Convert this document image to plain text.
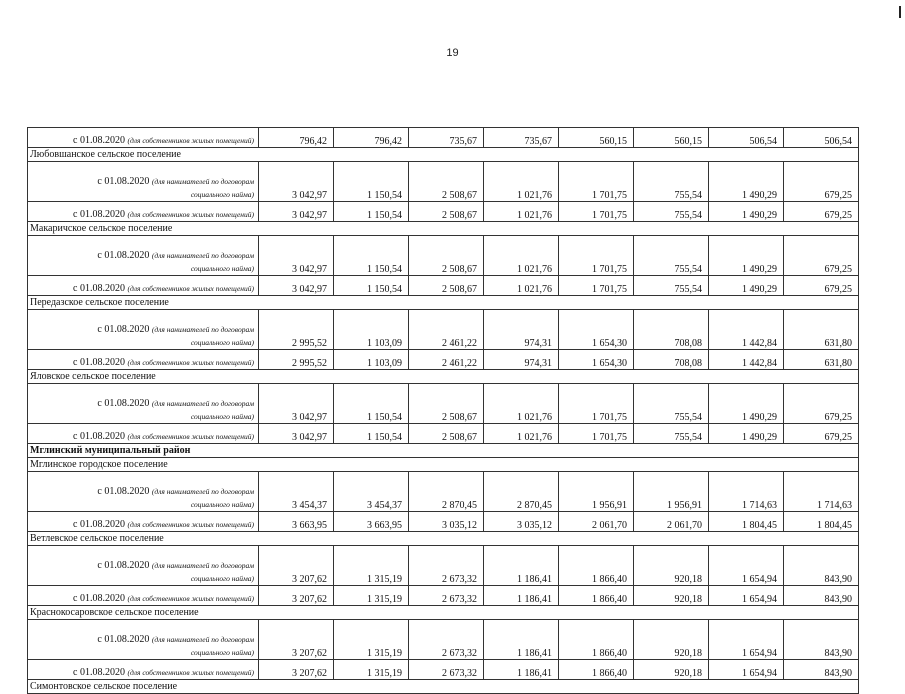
19
с 01.08.2020 (для собственников жилых помещений)	796,42	796,42	735,67	735,67	560,15	560,15	506,54	506,54
Любовшанское сельское поселение								
с 01.08.2020 (для нанимателей по договорам
социального найма)	3 042,97	1 150,54	2 508,67	1 021,76	1 701,75	755,54	1 490,29	679,25
с 01.08.2020 (для собственников жилых помещений)	3 042,97	1 150,54	2 508,67	1 021,76	1 701,75	755,54	1 490,29	679,25
Макаричское сельское поселение								
с 01.08.2020 (для нанимателей по договорам
социального найма)	3 042,97	1 150,54	2 508,67	1 021,76	1 701,75	755,54	1 490,29	679,25
с 01.08.2020 (для собственников жилых помещений)	3 042,97	1 150,54	2 508,67	1 021,76	1 701,75	755,54	1 490,29	679,25
Передазское сельское поселение								
с 01.08.2020 (для нанимателей по договорам
социального найма)	2 995,52	1 103,09	2 461,22	974,31	1 654,30	708,08	1 442,84	631,80
с 01.08.2020 (для собственников жилых помещений)	2 995,52	1 103,09	2 461,22	974,31	1 654,30	708,08	1 442,84	631,80
Яловское сельское поселение								
с 01.08.2020 (для нанимателей по договорам
социального найма)	3 042,97	1 150,54	2 508,67	1 021,76	1 701,75	755,54	1 490,29	679,25
с 01.08.2020 (для собственников жилых помещений)	3 042,97	1 150,54	2 508,67	1 021,76	1 701,75	755,54	1 490,29	679,25
Мглинский муниципальный район								
Мглинское городское поселение								
с 01.08.2020 (для нанимателей по договорам
социального найма)	3 454,37	3 454,37	2 870,45	2 870,45	1 956,91	1 956,91	1 714,63	1 714,63
с 01.08.2020 (для собственников жилых помещений)	3 663,95	3 663,95	3 035,12	3 035,12	2 061,70	2 061,70	1 804,45	1 804,45
Ветлевское сельское поселение								
с 01.08.2020 (для нанимателей по договорам
социального найма)	3 207,62	1 315,19	2 673,32	1 186,41	1 866,40	920,18	1 654,94	843,90
с 01.08.2020 (для собственников жилых помещений)	3 207,62	1 315,19	2 673,32	1 186,41	1 866,40	920,18	1 654,94	843,90
Краснокосаровское сельское поселение								
с 01.08.2020 (для нанимателей по договорам
социального найма)	3 207,62	1 315,19	2 673,32	1 186,41	1 866,40	920,18	1 654,94	843,90
с 01.08.2020 (для собственников жилых помещений)	3 207,62	1 315,19	2 673,32	1 186,41	1 866,40	920,18	1 654,94	843,90
Симонтовское сельское поселение								
